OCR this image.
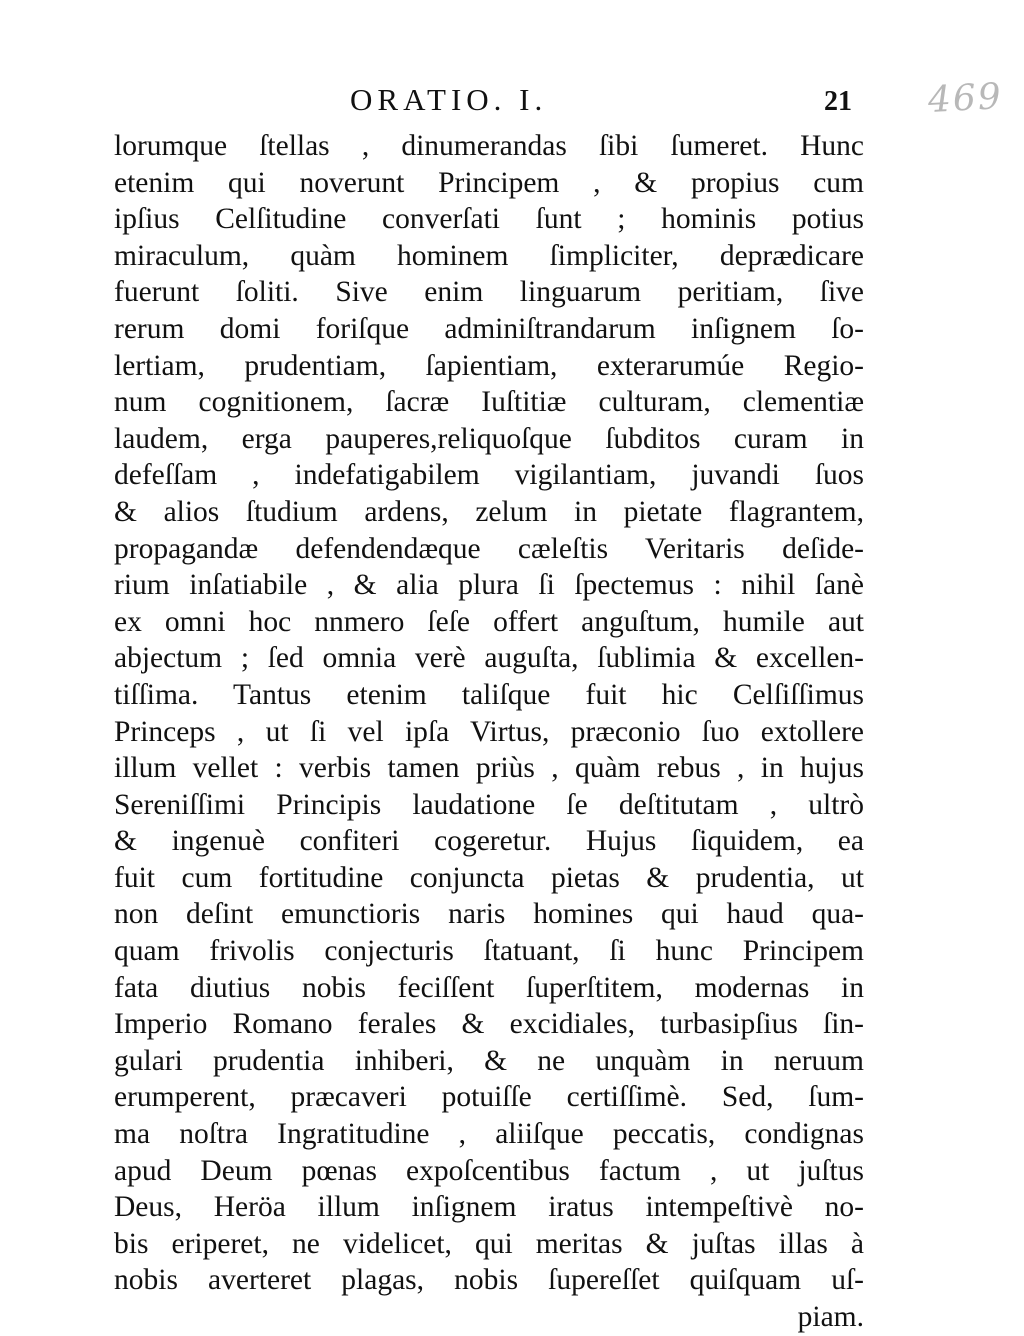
ORATIO. I.	21 469
lorumque ſtellas , dinumerandas ſibi ſumeret. Hunc
etenim qui noverunt Principem , & propius cum
ipſius Celſitudine converſati ſunt ; hominis potius
miraculum, quàm hominem ſimpliciter, deprædicare
fuerunt ſoliti. Sive enim linguarum peritiam, ſive
rerum domi foriſque adminiſtrandarum inſignem ſo-
lertiam, prudentiam, ſapientiam, exterarumúe Regio-
num cognitionem, ſacræ Iuſtitiæ culturam, clementiæ
laudem, erga pauperes,reliquoſque ſubditos curam in
defeſſam , indefatigabilem vigilantiam, juvandi ſuos
& alios ſtudium ardens, zelum in pietate flagrantem,
propagandæ defendendæque cæleſtis Veritaris deſide-
rium inſatiabile , & alia plura ſi ſpectemus : nihil ſanè
ex omni hoc nnmero ſeſe offert anguſtum, humile aut
abjectum ; ſed omnia verè auguſta, ſublimia & excellen-
tiſſima. Tantus etenim taliſque fuit hic Celſiſſimus
Princeps , ut ſi vel ipſa Virtus, præconio ſuo extollere
illum vellet : verbis tamen priùs , quàm rebus , in hujus
Sereniſſimi Principis laudatione ſe deſtitutam , ultrò
& ingenuè confiteri cogeretur. Hujus ſiquidem, ea
fuit cum fortitudine conjuncta pietas & prudentia, ut
non deſint emunctioris naris homines qui haud qua-
quam frivolis conjecturis ſtatuant, ſi hunc Principem
fata diutius nobis feciſſent ſuperſtitem, modernas in
Imperio Romano ferales & excidiales, turbasipſius ſin-
gulari prudentia inhiberi, & ne unquàm in neruum
erumperent, præcaveri potuiſſe certiſſimè. Sed, ſum-
ma noſtra Ingratitudine , aliiſque peccatis, condignas
apud Deum pœnas expoſcentibus factum , ut juſtus
Deus, Heröa illum inſignem iratus intempeſtivè no-
bis eriperet, ne videlicet, qui meritas & juſtas illas à
nobis averteret plagas, nobis ſupereſſet quiſquam uſ-
piam.
